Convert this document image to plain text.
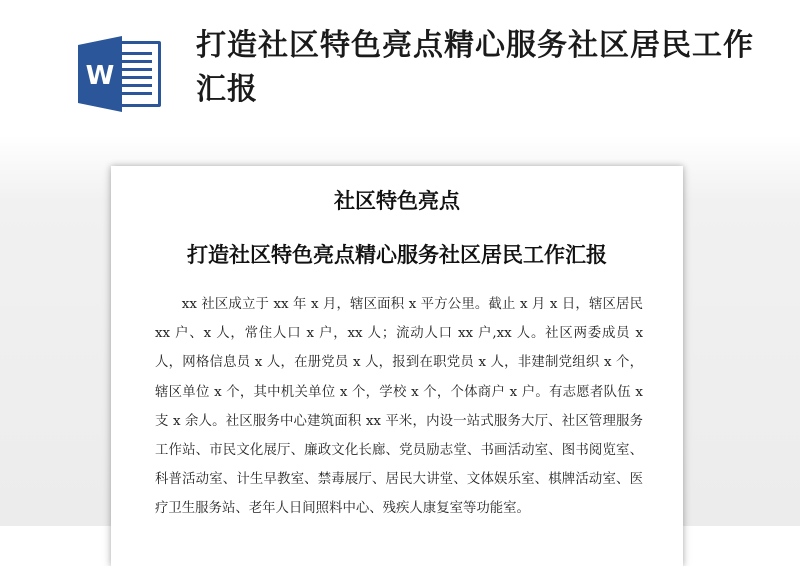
W
打造社区特色亮点精心服务社区居民工作汇报
社区特色亮点
打造社区特色亮点精心服务社区居民工作汇报

xx 社区成立于 xx 年 x 月，辖区面积 x 平方公里。截止 x 月 x 日，辖区居民 xx 户、x 人，常住人口 x 户，xx 人；流动人口 xx 户,xx 人。社区两委成员 x 人，网格信息员 x 人，在册党员 x 人，报到在职党员 x 人，非建制党组织 x 个，辖区单位 x 个，其中机关单位 x 个，学校 x 个，个体商户 x 户。有志愿者队伍 x 支 x 余人。社区服务中心建筑面积 xx 平米，内设一站式服务大厅、社区管理服务工作站、市民文化展厅、廉政文化长廊、党员励志堂、书画活动室、图书阅览室、科普活动室、计生早教室、禁毒展厅、居民大讲堂、文体娱乐室、棋牌活动室、医疗卫生服务站、老年人日间照料中心、残疾人康复室等功能室。
